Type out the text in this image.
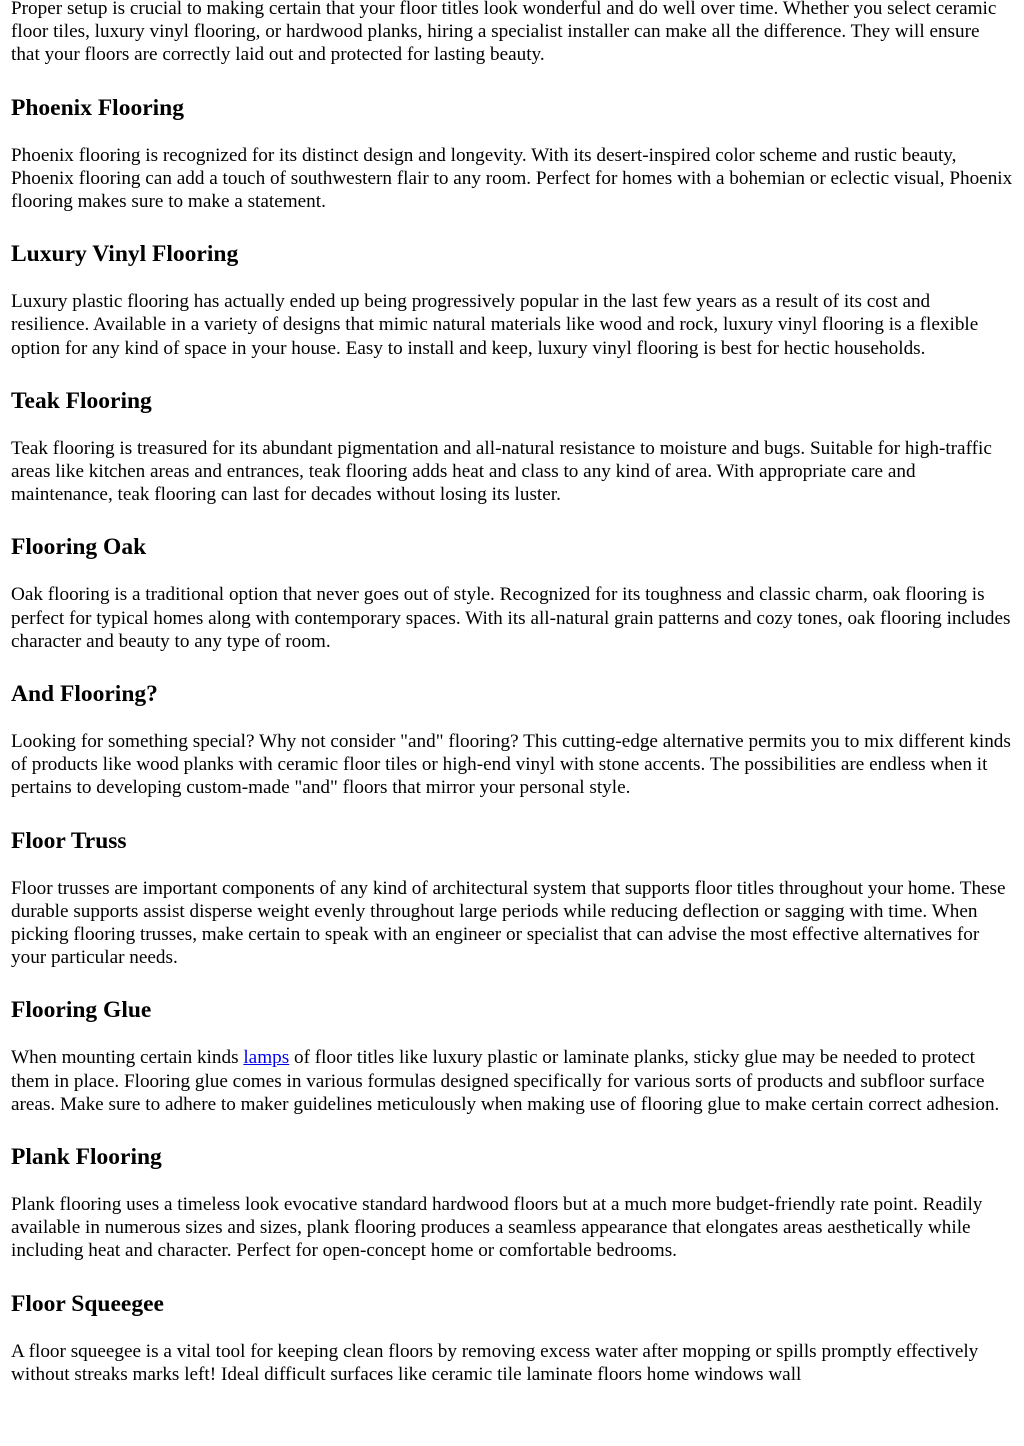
Proper setup is crucial to making certain that your floor titles look wonderful and do well over time. Whether you select ceramic floor tiles, luxury vinyl flooring, or hardwood planks, hiring a specialist installer can make all the difference. They will ensure that your floors are correctly laid out and protected for lasting beauty.

Phoenix Flooring

Phoenix flooring is recognized for its distinct design and longevity. With its desert-inspired color scheme and rustic beauty, Phoenix flooring can add a touch of southwestern flair to any room. Perfect for homes with a bohemian or eclectic visual, Phoenix flooring makes sure to make a statement.

Luxury Vinyl Flooring

Luxury plastic flooring has actually ended up being progressively popular in the last few years as a result of its cost and resilience. Available in a variety of designs that mimic natural materials like wood and rock, luxury vinyl flooring is a flexible option for any kind of space in your house. Easy to install and keep, luxury vinyl flooring is best for hectic households.

Teak Flooring

Teak flooring is treasured for its abundant pigmentation and all-natural resistance to moisture and bugs. Suitable for high-traffic areas like kitchen areas and entrances, teak flooring adds heat and class to any kind of area. With appropriate care and maintenance, teak flooring can last for decades without losing its luster.

Flooring Oak

Oak flooring is a traditional option that never goes out of style. Recognized for its toughness and classic charm, oak flooring is perfect for typical homes along with contemporary spaces. With its all-natural grain patterns and cozy tones, oak flooring includes character and beauty to any type of room.

And Flooring?

Looking for something special? Why not consider "and" flooring? This cutting-edge alternative permits you to mix different kinds of products like wood planks with ceramic floor tiles or high-end vinyl with stone accents. The possibilities are endless when it pertains to developing custom-made "and" floors that mirror your personal style.

Floor Truss

Floor trusses are important components of any kind of architectural system that supports floor titles throughout your home. These durable supports assist disperse weight evenly throughout large periods while reducing deflection or sagging with time. When picking flooring trusses, make certain to speak with an engineer or specialist that can advise the most effective alternatives for your particular needs.

Flooring Glue

When mounting certain kinds lamps of floor titles like luxury plastic or laminate planks, sticky glue may be needed to protect them in place. Flooring glue comes in various formulas designed specifically for various sorts of products and subfloor surface areas. Make sure to adhere to maker guidelines meticulously when making use of flooring glue to make certain correct adhesion.

Plank Flooring

Plank flooring uses a timeless look evocative standard hardwood floors but at a much more budget-friendly rate point. Readily available in numerous sizes and sizes, plank flooring produces a seamless appearance that elongates areas aesthetically while including heat and character. Perfect for open-concept home or comfortable bedrooms.

Floor Squeegee

A floor squeegee is a vital tool for keeping clean floors by removing excess water after mopping or spills promptly effectively without streaks marks left! Ideal difficult surfaces like ceramic tile laminate floors home windows wall
